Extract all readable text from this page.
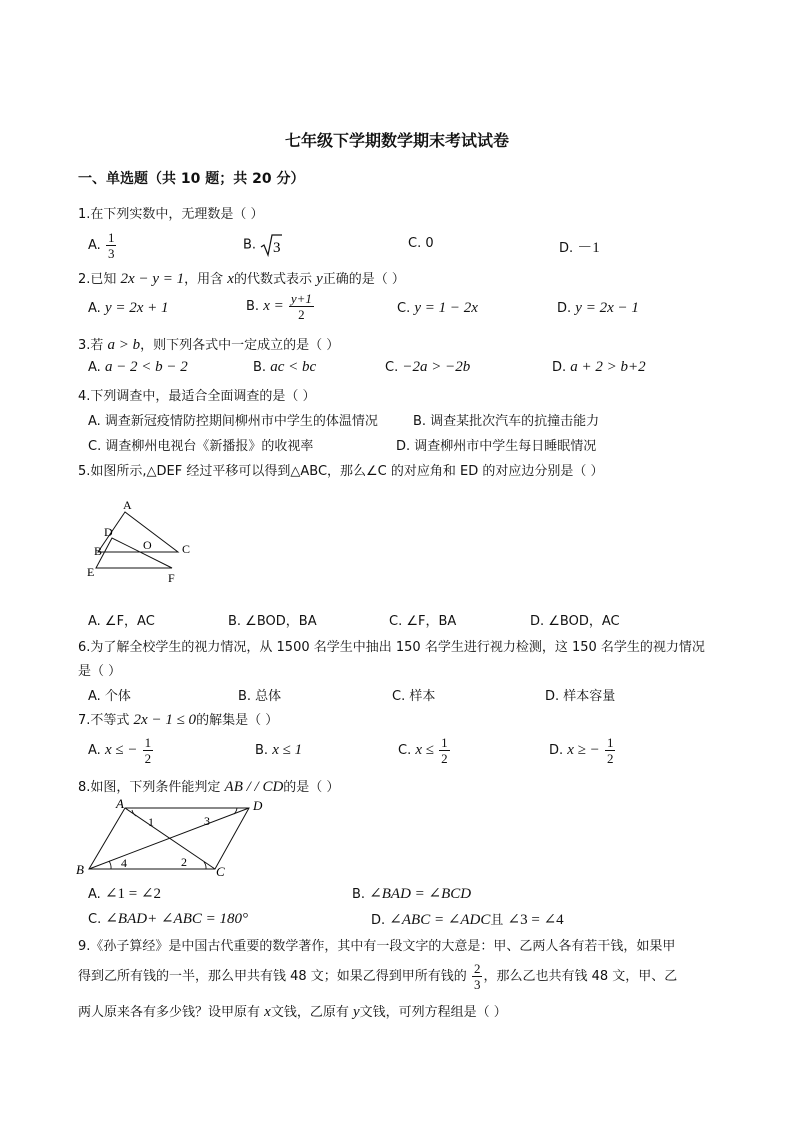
七年级下学期数学期末考试试卷
一、单选题（共 10 题；共 20 分）
1.在下列实数中，无理数是（ ）
A. $\frac{1}{3}$	B. 3	C. 0	D. －1
2.已知 2x − y = 1，用含 x的代数式表示 y正确的是（ ）
A. y = 2x + 1	B. $x = \frac{y+1}{2}$	C. y = 1 − 2x	D. y = 2x − 1
3.若 a > b，则下列各式中一定成立的是（ ）
A. a − 2 < b − 2	B. ac < bc	C. −2a > −2b	D. a + 2 > b+2
4.下列调查中，最适合全面调查的是（ ）
A. 调查新冠疫情防控期间柳州市中学生的体温情况	B. 调查某批次汽车的抗撞击能力
C. 调查柳州电视台《新播报》的收视率	D. 调查柳州市中学生每日睡眠情况
5.如图所示,△DEF 经过平移可以得到△ABC，那么∠C 的对应角和 ED 的对应边分别是（ ）
A
D
B	O	C
E	F
A. ∠F，AC	B. ∠BOD，BA	C. ∠F，BA	D. ∠BOD，AC
6.为了解全校学生的视力情况，从 1500 名学生中抽出 150 名学生进行视力检测，这 150 名学生的视力情况
是（ ）
A. 个体	B. 总体	C. 样本	D. 样本容量
7.不等式 2x − 1 ≤ 0的解集是（ ）
A. x ≤ − $\frac{1}{2}$	B. x ≤ 1	C. $x \le \frac{1}{2}$	D. x ≥ − $\frac{1}{2}$
8.如图，下列条件能判定 AB / / CD的是（ ）
A	D
B	C
1
2
3
4
A. ∠1 = ∠2	B. ∠BAD = ∠BCD
C. ∠BAD+ ∠ABC = 180°	D. ∠ABC = ∠ADC且 ∠3 = ∠4
9.《孙子算经》是中国古代重要的数学著作，其中有一段文字的大意是：甲、乙两人各有若干钱，如果甲
得到乙所有钱的一半，那么甲共有钱 48 文；如果乙得到甲所有钱的 $\frac{2}{3}$ ，那么乙也共有钱 48 文，甲、乙
两人原来各有多少钱？设甲原有 x文钱，乙原有 y文钱，可列方程组是（ ）
